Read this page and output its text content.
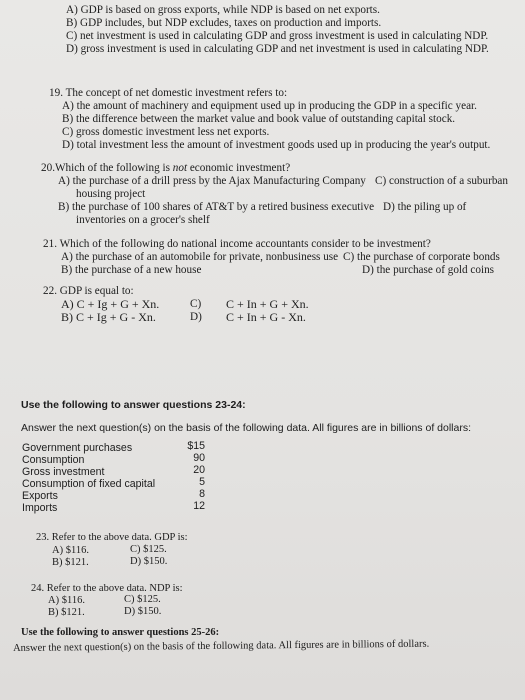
A) GDP is based on gross exports, while NDP is based on net exports.
B) GDP includes, but NDP excludes, taxes on production and imports.
C) net investment is used in calculating GDP and gross investment is used in calculating NDP.
D) gross investment is used in calculating GDP and net investment is used in calculating NDP.
19. The concept of net domestic investment refers to:
A) the amount of machinery and equipment used up in producing the GDP in a specific year.
B) the difference between the market value and book value of outstanding capital stock.
C) gross domestic investment less net exports.
D) total investment less the amount of investment goods used up in producing the year's output.
20.Which of the following is not economic investment?
A) the purchase of a drill press by the Ajax Manufacturing Company C) construction of a suburban
housing project
B) the purchase of 100 shares of AT&T by a retired business executive D) the piling up of
inventories on a grocer's shelf
21. Which of the following do national income accountants consider to be investment?
A) the purchase of an automobile for private, nonbusiness use C) the purchase of corporate bonds
B) the purchase of a new house	D) the purchase of gold coins
22. GDP is equal to:
A) C + Ig + G + Xn.	C) C + In + G + Xn.
B) C + Ig + G - Xn.	D) C + In + G - Xn.
Use the following to answer questions 23-24:
Answer the next question(s) on the basis of the following data. All figures are in billions of dollars:
Government purchases	$15
Consumption	90
Gross investment	20
Consumption of fixed capital	5
Exports	8
Imports	12
23. Refer to the above data. GDP is:
A) $116.	C) $125.
B) $121.	D) $150.
24. Refer to the above data. NDP is:
A) $116.	C) $125.
B) $121.	D) $150.
Use the following to answer questions 25-26:
Answer the next question(s) on the basis of the following data. All figures are in billions of dollars.
